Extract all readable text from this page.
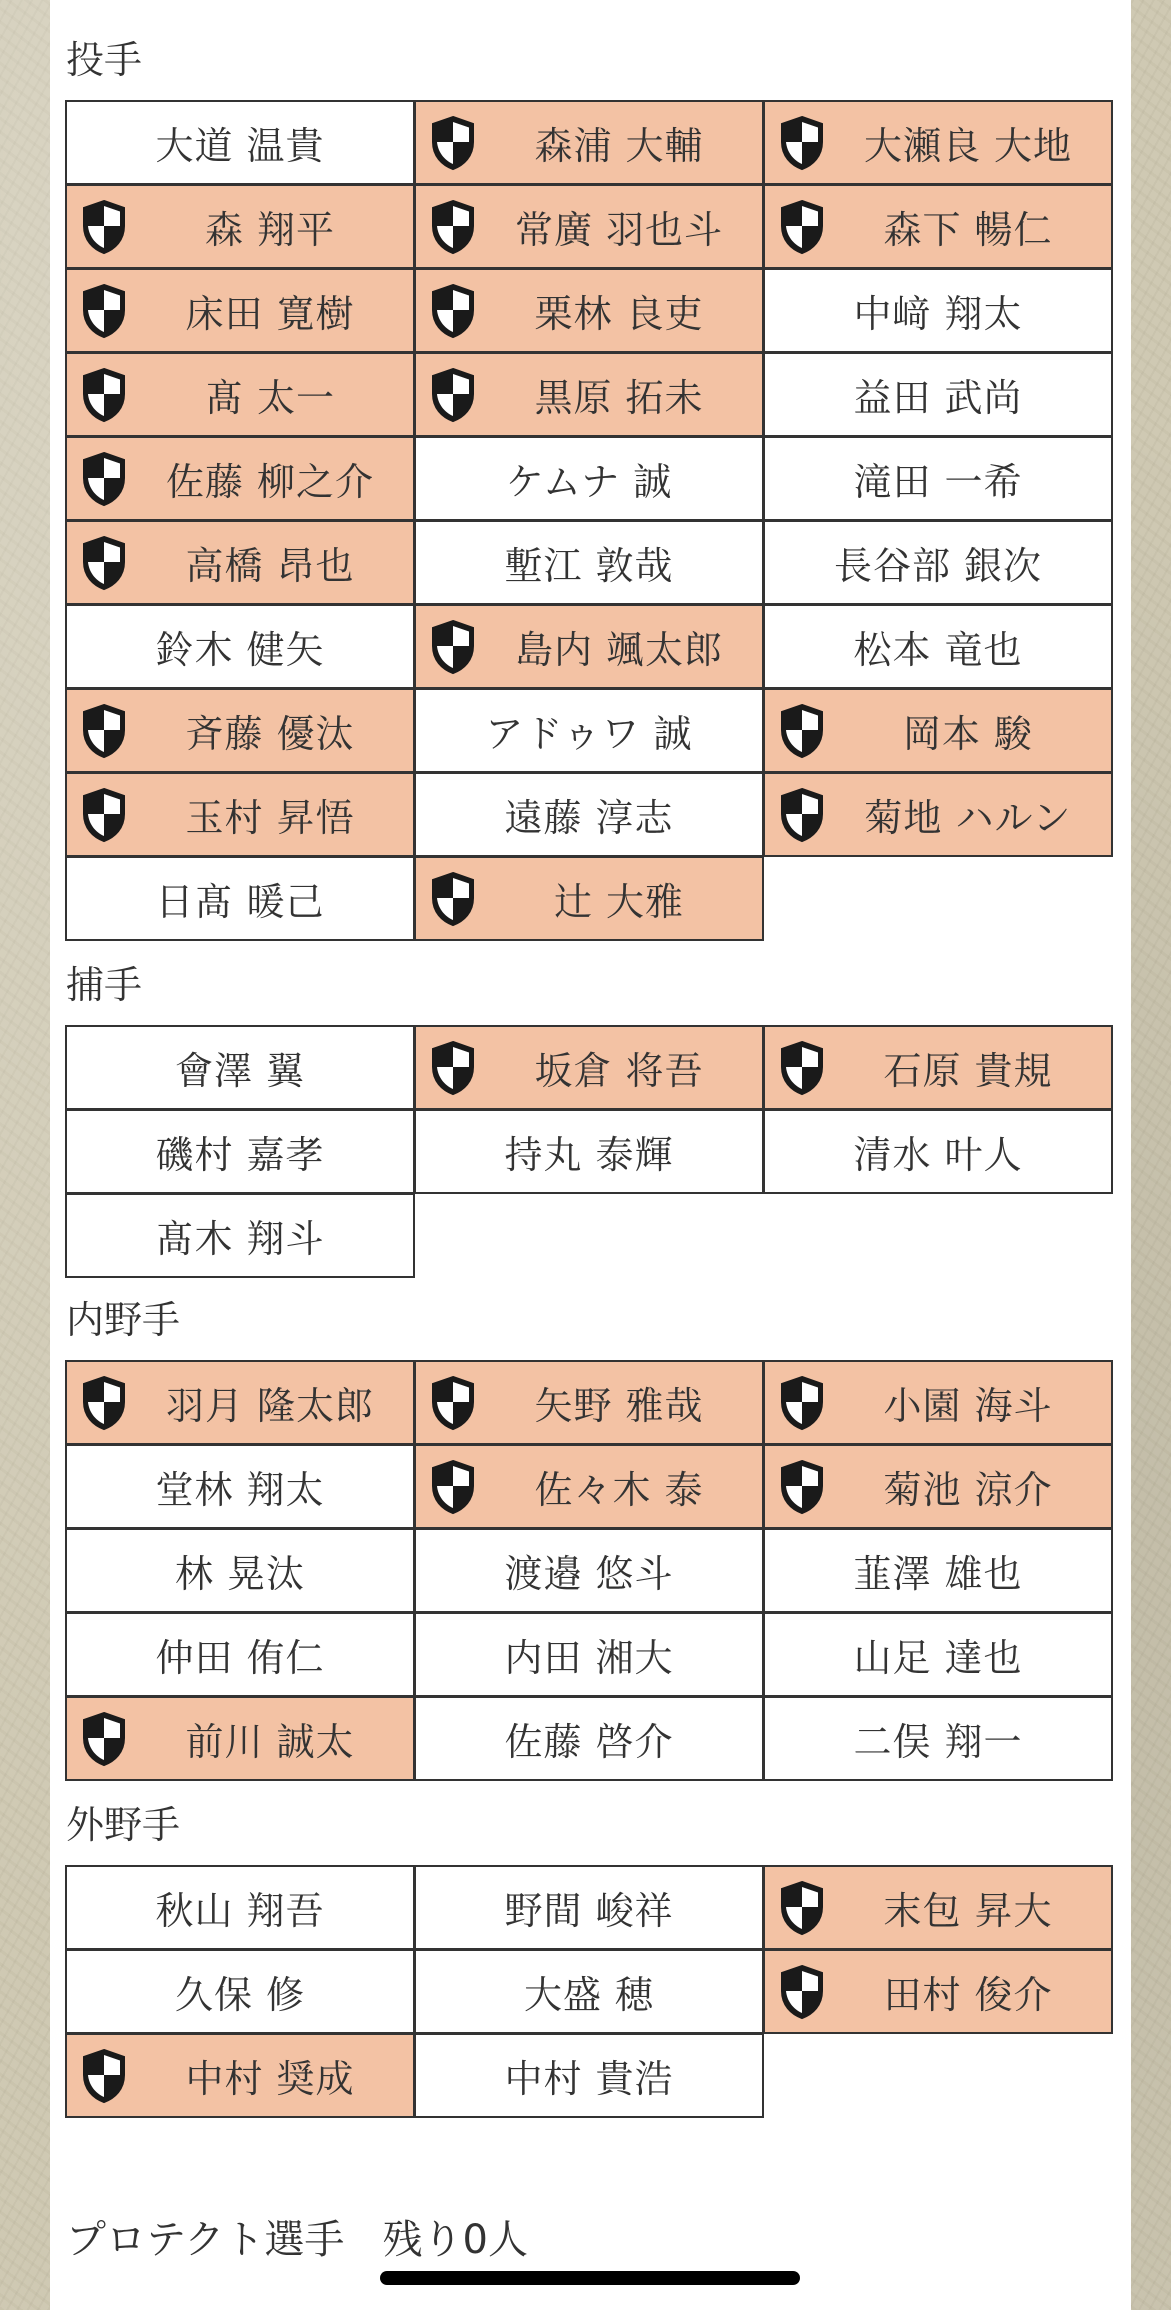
投手
大道 温貴	森浦 大輔	大瀬良 大地
森 翔平	常廣 羽也斗	森下 暢仁
床田 寛樹	栗林 良吏	中﨑 翔太
髙 太一	黒原 拓未	益田 武尚
佐藤 柳之介	ケムナ 誠	滝田 一希
高橋 昂也	塹江 敦哉	長谷部 銀次
鈴木 健矢	島内 颯太郎	松本 竜也
斉藤 優汰	アドゥワ 誠	岡本 駿
玉村 昇悟	遠藤 淳志	菊地 ハルン
日髙 暖己	辻 大雅
捕手
會澤 翼	坂倉 将吾	石原 貴規
磯村 嘉孝	持丸 泰輝	清水 叶人
髙木 翔斗
内野手
羽月 隆太郎	矢野 雅哉	小園 海斗
堂林 翔太	佐々木 泰	菊池 涼介
林 晃汰	渡邉 悠斗	韮澤 雄也
仲田 侑仁	内田 湘大	山足 達也
前川 誠太	佐藤 啓介	二俣 翔一
外野手
秋山 翔吾	野間 峻祥	末包 昇大
久保 修	大盛 穂	田村 俊介
中村 奨成	中村 貴浩
プロテクト選手 残り0人
